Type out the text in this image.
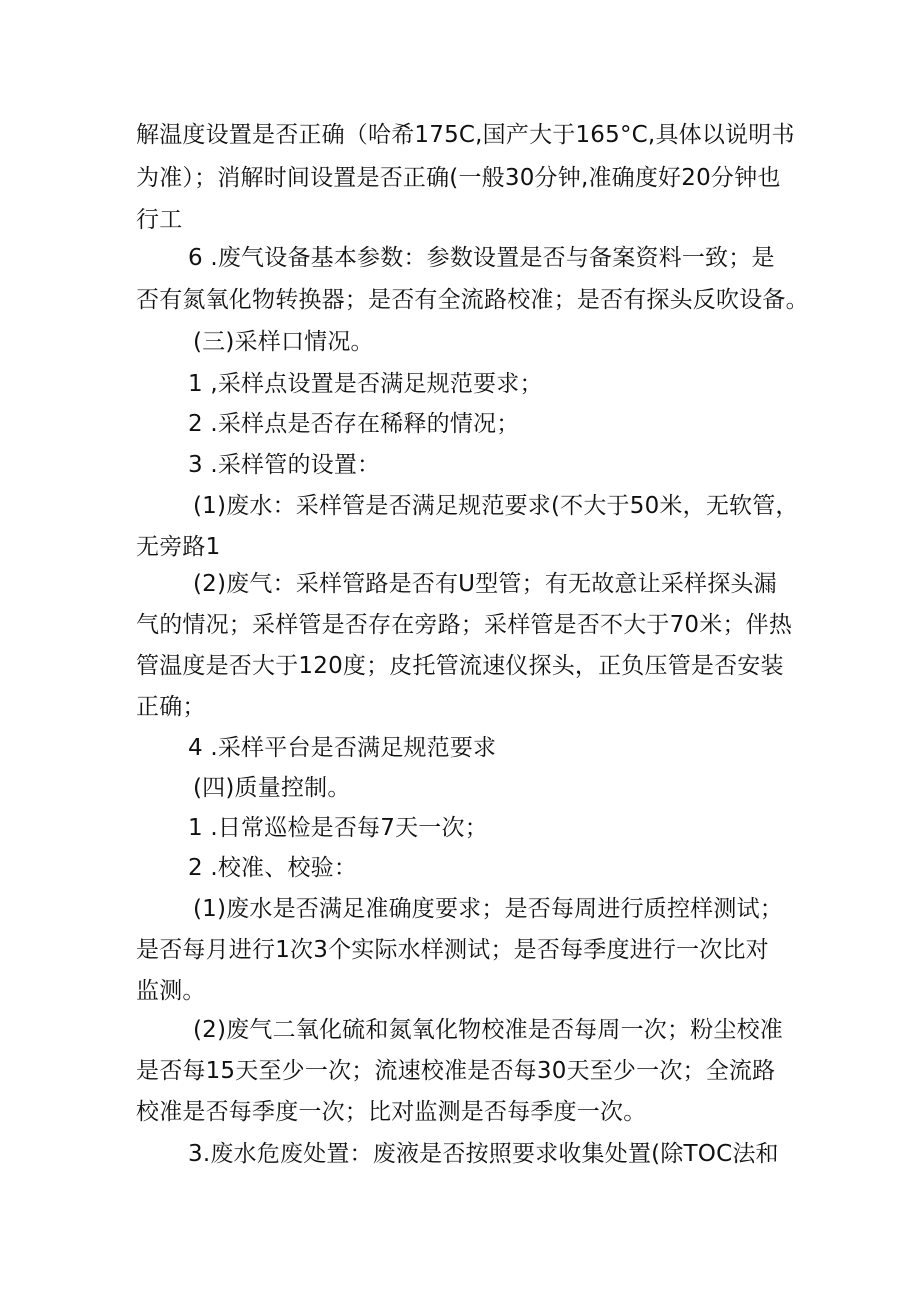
解温度设置是否正确（哈希175C,国产大于165°C,具体以说明书
为准）；消解时间设置是否正确(一般30分钟,准确度好20分钟也
行工
6 .废气设备基本参数：参数设置是否与备案资料一致；是
否有氮氧化物转换器；是否有全流路校准；是否有探头反吹设备。
(三)采样口情况。
1 ,采样点设置是否满足规范要求；
2 .采样点是否存在稀释的情况；
3 .采样管的设置：
(1)废水：采样管是否满足规范要求(不大于50米，无软管，
无旁路1
(2)废气：采样管路是否有U型管；有无故意让采样探头漏
气的情况；采样管是否存在旁路；采样管是否不大于70米；伴热
管温度是否大于120度；皮托管流速仪探头，正负压管是否安装
正确；
4 .采样平台是否满足规范要求
(四)质量控制。
1 .日常巡检是否每7天一次；
2 .校准、校验：
(1)废水是否满足准确度要求；是否每周进行质控样测试；
是否每月进行1次3个实际水样测试；是否每季度进行一次比对
监测。
(2)废气二氧化硫和氮氧化物校准是否每周一次；粉尘校准
是否每15天至少一次；流速校准是否每30天至少一次；全流路
校准是否每季度一次；比对监测是否每季度一次。
3.废水危废处置：废液是否按照要求收集处置(除TOC法和
